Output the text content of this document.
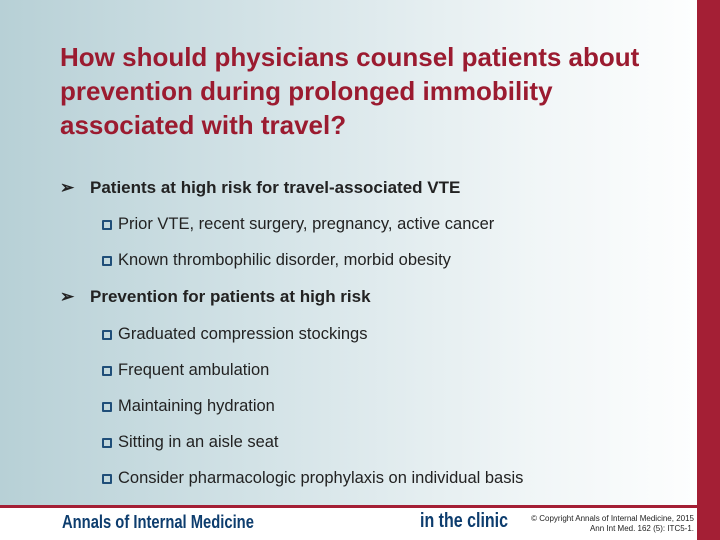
How should physicians counsel patients about prevention during prolonged immobility associated with travel?
➢ Patients at high risk for travel-associated VTE
Prior VTE, recent surgery, pregnancy, active cancer
Known thrombophilic disorder, morbid obesity
➢ Prevention for patients at high risk
Graduated compression stockings
Frequent ambulation
Maintaining hydration
Sitting in an aisle seat
Consider pharmacologic prophylaxis on individual basis
Annals of Internal Medicine	in the clinic	© Copyright Annals of Internal Medicine, 2015
Ann Int Med. 162 (5): ITC5-1.
